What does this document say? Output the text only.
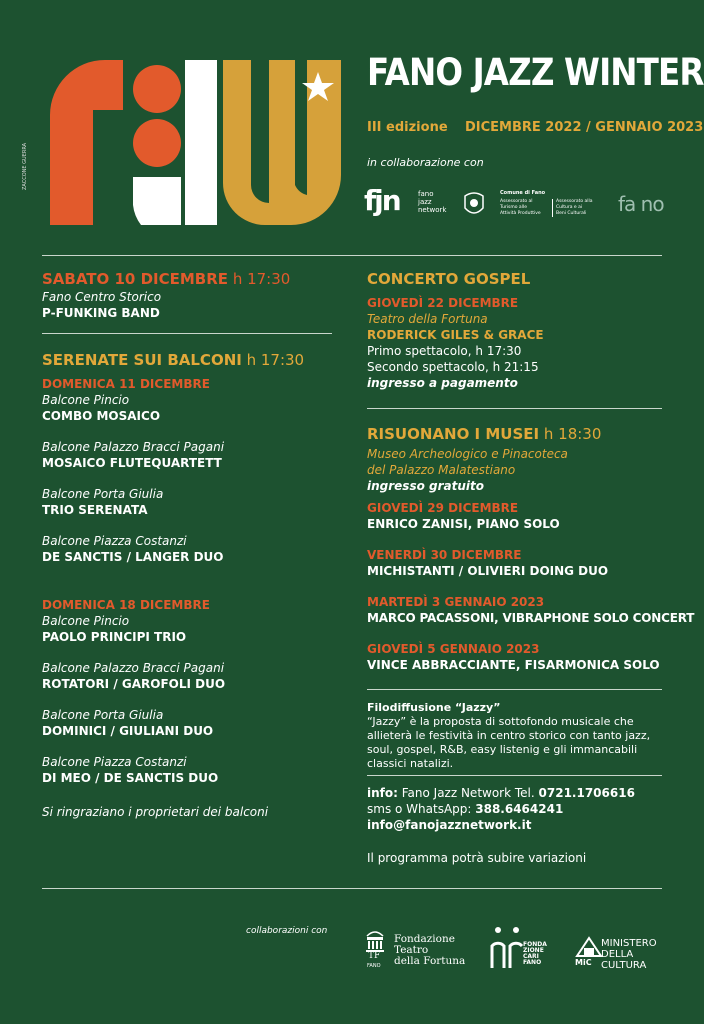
ZACCONE GUERRA
FANO JAZZ WINTER
III edizione DICEMBRE 2022 / GENNAIO 2023
in collaborazione con
fjn	fano
jazz
network
Comune di Fano
Assessorato al
Turismo alle
Attività Produttive
Assessorato alla
Cultura e ai
Beni Culturali	fa no
SABATO 10 DICEMBRE h 17:30
Fano Centro Storico
P-FUNKING BAND
SERENATE SUI BALCONI h 17:30
DOMENICA 11 DICEMBRE
Balcone Pincio
COMBO MOSAICO
Balcone Palazzo Bracci Pagani
MOSAICO FLUTEQUARTETT
Balcone Porta Giulia
TRIO SERENATA
Balcone Piazza Costanzi
DE SANCTIS / LANGER DUO
DOMENICA 18 DICEMBRE
Balcone Pincio
PAOLO PRINCIPI TRIO
Balcone Palazzo Bracci Pagani
ROTATORI / GAROFOLI DUO
Balcone Porta Giulia
DOMINICI / GIULIANI DUO
Balcone Piazza Costanzi
DI MEO / DE SANCTIS DUO
Si ringraziano i proprietari dei balconi
CONCERTO GOSPEL
GIOVEDÌ 22 DICEMBRE
Teatro della Fortuna
RODERICK GILES & GRACE
Primo spettacolo, h 17:30
Secondo spettacolo, h 21:15
ingresso a pagamento
RISUONANO I MUSEI h 18:30
Museo Archeologico e Pinacoteca
del Palazzo Malatestiano
ingresso gratuito
GIOVEDÌ 29 DICEMBRE
ENRICO ZANISI, PIANO SOLO
VENERDÌ 30 DICEMBRE
MICHISTANTI / OLIVIERI DOING DUO
MARTEDÌ 3 GENNAIO 2023
MARCO PACASSONI, VIBRAPHONE SOLO CONCERT
GIOVEDÌ 5 GENNAIO 2023
VINCE ABBRACCIANTE, FISARMONICA SOLO
Filodiffusione “Jazzy”
“Jazzy” è la proposta di sottofondo musicale che
allieterà le festività in centro storico con tanto jazz,
soul, gospel, R&B, easy listenig e gli immancabili
classici natalizi.
info: Fano Jazz Network Tel. 0721.1706616
sms o WhatsApp: 388.6464241
info@fanojazznetwork.it
Il programma potrà subire variazioni
collaborazioni con
TF
FANO
Fondazione
Teatro
della Fortuna
FONDA
ZIONE
CARI
FANO	MiC
MINISTERO
DELLA
CULTURA
